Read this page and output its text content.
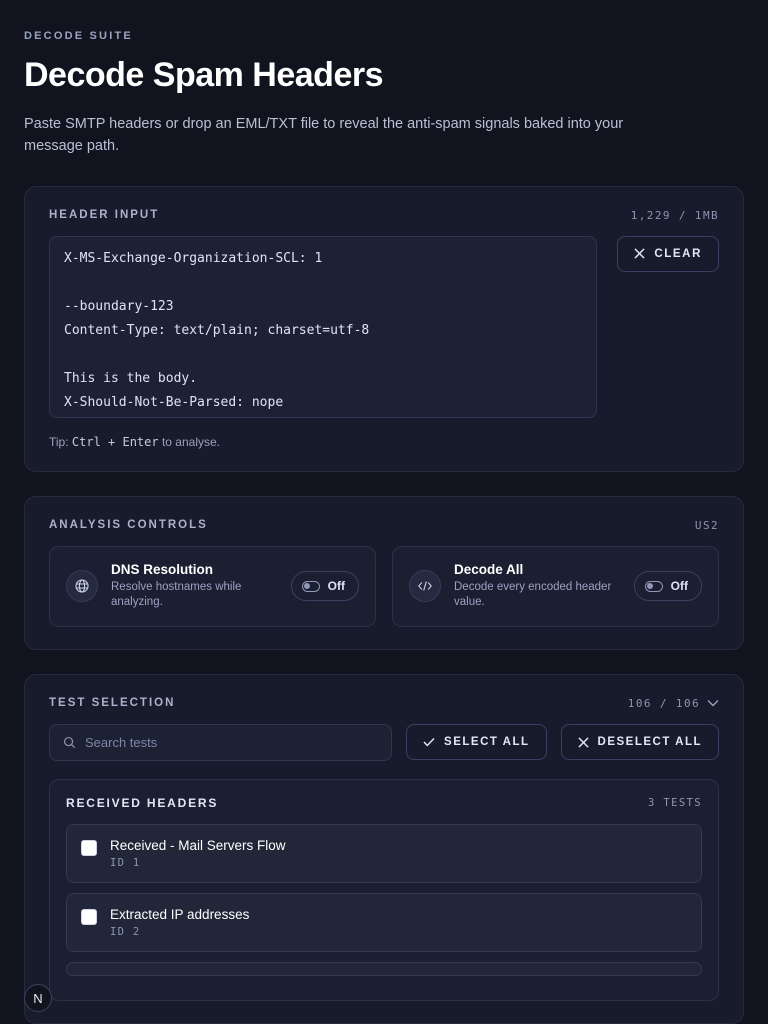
DECODE SUITE
Decode Spam Headers

Paste SMTP headers or drop an EML/TXT file to reveal the anti-spam signals baked into your message path.

HEADER INPUT	1,229 / 1MB
X-MS-Exchange-Organization-SCL: 1 --boundary-123 Content-Type: text/plain; charset=utf-8 This is the body. X-Should-Not-Be-Parsed: nope --boundary-123--
CLEAR
Tip: Ctrl + Enter to analyse.
ANALYSIS CONTROLS	US2
DNS Resolution
Resolve hostnames while analyzing.
Off
Decode All
Decode every encoded header value.
Off
TEST SELECTION	106 / 106
Search tests
SELECT ALL	DESELECT ALL
RECEIVED HEADERS	3 TESTS
Received - Mail Servers Flow
ID 1
Extracted IP addresses
ID 2
N
